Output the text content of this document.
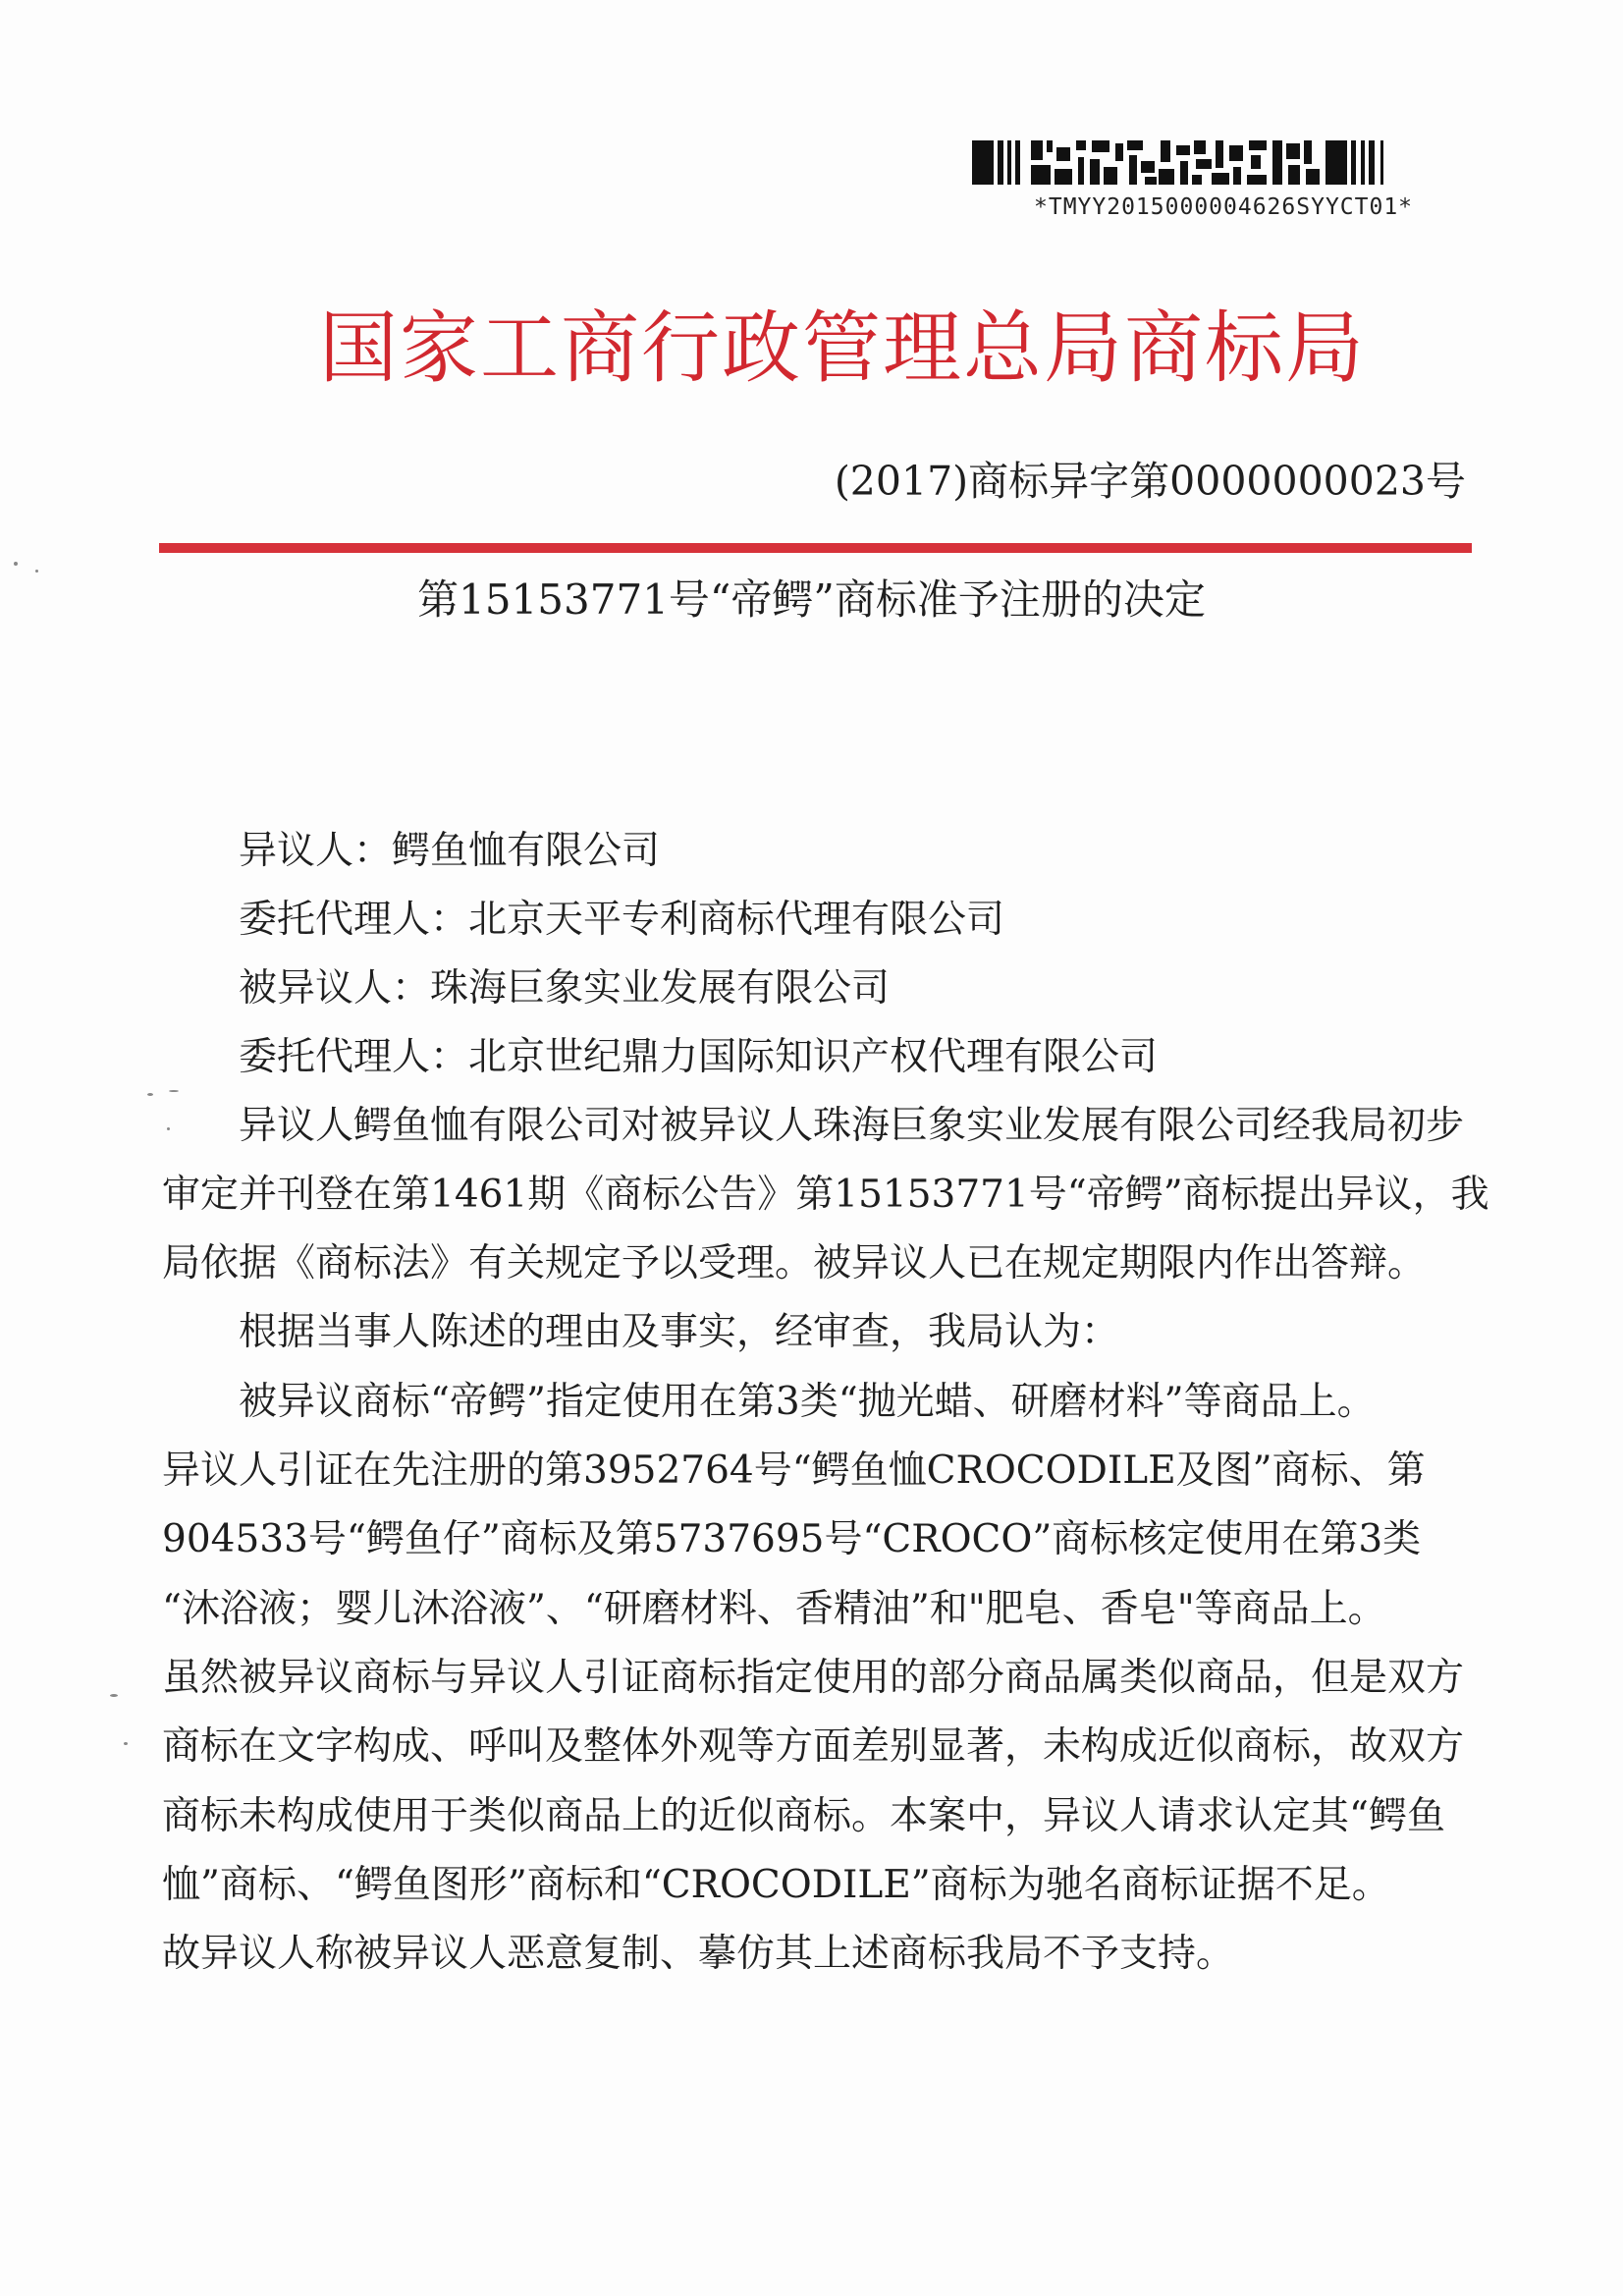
*TMYY2015000004626SYYCT01*
国家工商行政管理总局商标局
(2017)商标异字第0000000023号
第15153771号“帝鳄”商标准予注册的决定
异议人：鳄鱼恤有限公司
委托代理人：北京天平专利商标代理有限公司
被异议人：珠海巨象实业发展有限公司
委托代理人：北京世纪鼎力国际知识产权代理有限公司
异议人鳄鱼恤有限公司对被异议人珠海巨象实业发展有限公司经我局初步
审定并刊登在第1461期《商标公告》第15153771号“帝鳄”商标提出异议，我
局依据《商标法》有关规定予以受理。被异议人已在规定期限内作出答辩。
根据当事人陈述的理由及事实，经审查，我局认为：
被异议商标“帝鳄”指定使用在第3类“抛光蜡、研磨材料”等商品上。
异议人引证在先注册的第3952764号“鳄鱼恤CROCODILE及图”商标、第
904533号“鳄鱼仔”商标及第5737695号“CROCO”商标核定使用在第3类
“沐浴液；婴儿沐浴液”、“研磨材料、香精油”和"肥皂、香皂"等商品上。
虽然被异议商标与异议人引证商标指定使用的部分商品属类似商品，但是双方
商标在文字构成、呼叫及整体外观等方面差别显著，未构成近似商标，故双方
商标未构成使用于类似商品上的近似商标。本案中，异议人请求认定其“鳄鱼
恤”商标、“鳄鱼图形”商标和“CROCODILE”商标为驰名商标证据不足。
故异议人称被异议人恶意复制、摹仿其上述商标我局不予支持。
